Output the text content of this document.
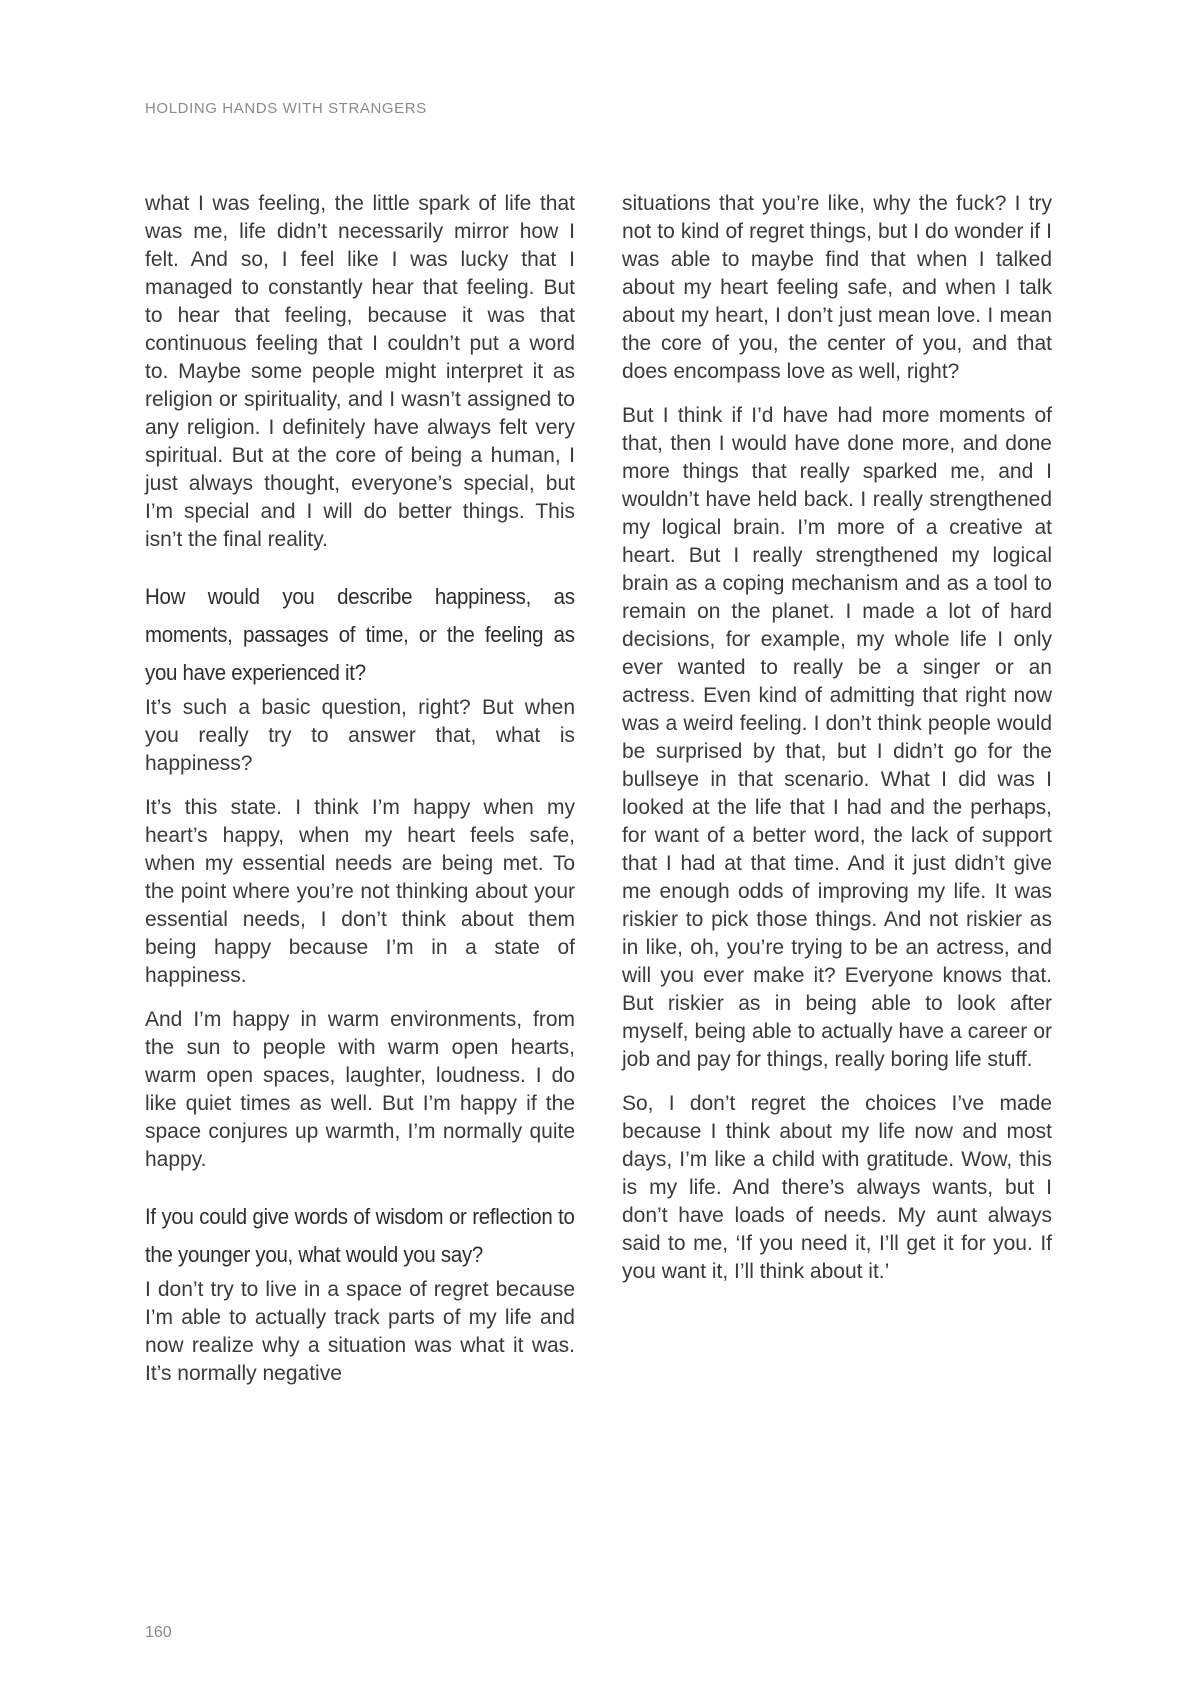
HOLDING HANDS WITH STRANGERS

what I was feeling, the little spark of life that was me, life didn’t necessarily mirror how I felt. And so, I feel like I was lucky that I managed to constantly hear that feeling. But to hear that feeling, because it was that continuous feeling that I couldn’t put a word to. Maybe some people might interpret it as religion or spirituality, and I wasn’t assigned to any religion. I definitely have always felt very spiritual. But at the core of being a human, I just always thought, everyone’s special, but I’m special and I will do better things. This isn’t the final reality.

How would you describe happiness, as moments, passages of time, or the feeling as you have experienced it?

It’s such a basic question, right? But when you really try to answer that, what is happiness?

It’s this state. I think I’m happy when my heart’s happy, when my heart feels safe, when my essential needs are being met. To the point where you’re not thinking about your essential needs, I don’t think about them being happy because I’m in a state of happiness.

And I’m happy in warm environments, from the sun to people with warm open hearts, warm open spaces, laughter, loudness. I do like quiet times as well. But I’m happy if the space conjures up warmth, I’m normally quite happy.

If you could give words of wisdom or reflection to the younger you, what would you say?

I don’t try to live in a space of regret because I’m able to actually track parts of my life and now realize why a situation was what it was. It’s normally negative

situations that you’re like, why the fuck? I try not to kind of regret things, but I do wonder if I was able to maybe find that when I talked about my heart feeling safe, and when I talk about my heart, I don’t just mean love. I mean the core of you, the center of you, and that does encompass love as well, right?

But I think if I’d have had more moments of that, then I would have done more, and done more things that really sparked me, and I wouldn’t have held back. I really strengthened my logical brain. I’m more of a creative at heart. But I really strengthened my logical brain as a coping mechanism and as a tool to remain on the planet. I made a lot of hard decisions, for example, my whole life I only ever wanted to really be a singer or an actress. Even kind of admitting that right now was a weird feeling. I don’t think people would be surprised by that, but I didn’t go for the bullseye in that scenario. What I did was I looked at the life that I had and the perhaps, for want of a better word, the lack of support that I had at that time. And it just didn’t give me enough odds of improving my life. It was riskier to pick those things. And not riskier as in like, oh, you’re trying to be an actress, and will you ever make it? Everyone knows that. But riskier as in being able to look after myself, being able to actually have a career or job and pay for things, really boring life stuff.

So, I don’t regret the choices I’ve made because I think about my life now and most days, I’m like a child with gratitude. Wow, this is my life. And there’s always wants, but I don’t have loads of needs. My aunt always said to me, ‘If you need it, I’ll get it for you. If you want it, I’ll think about it.’

160
